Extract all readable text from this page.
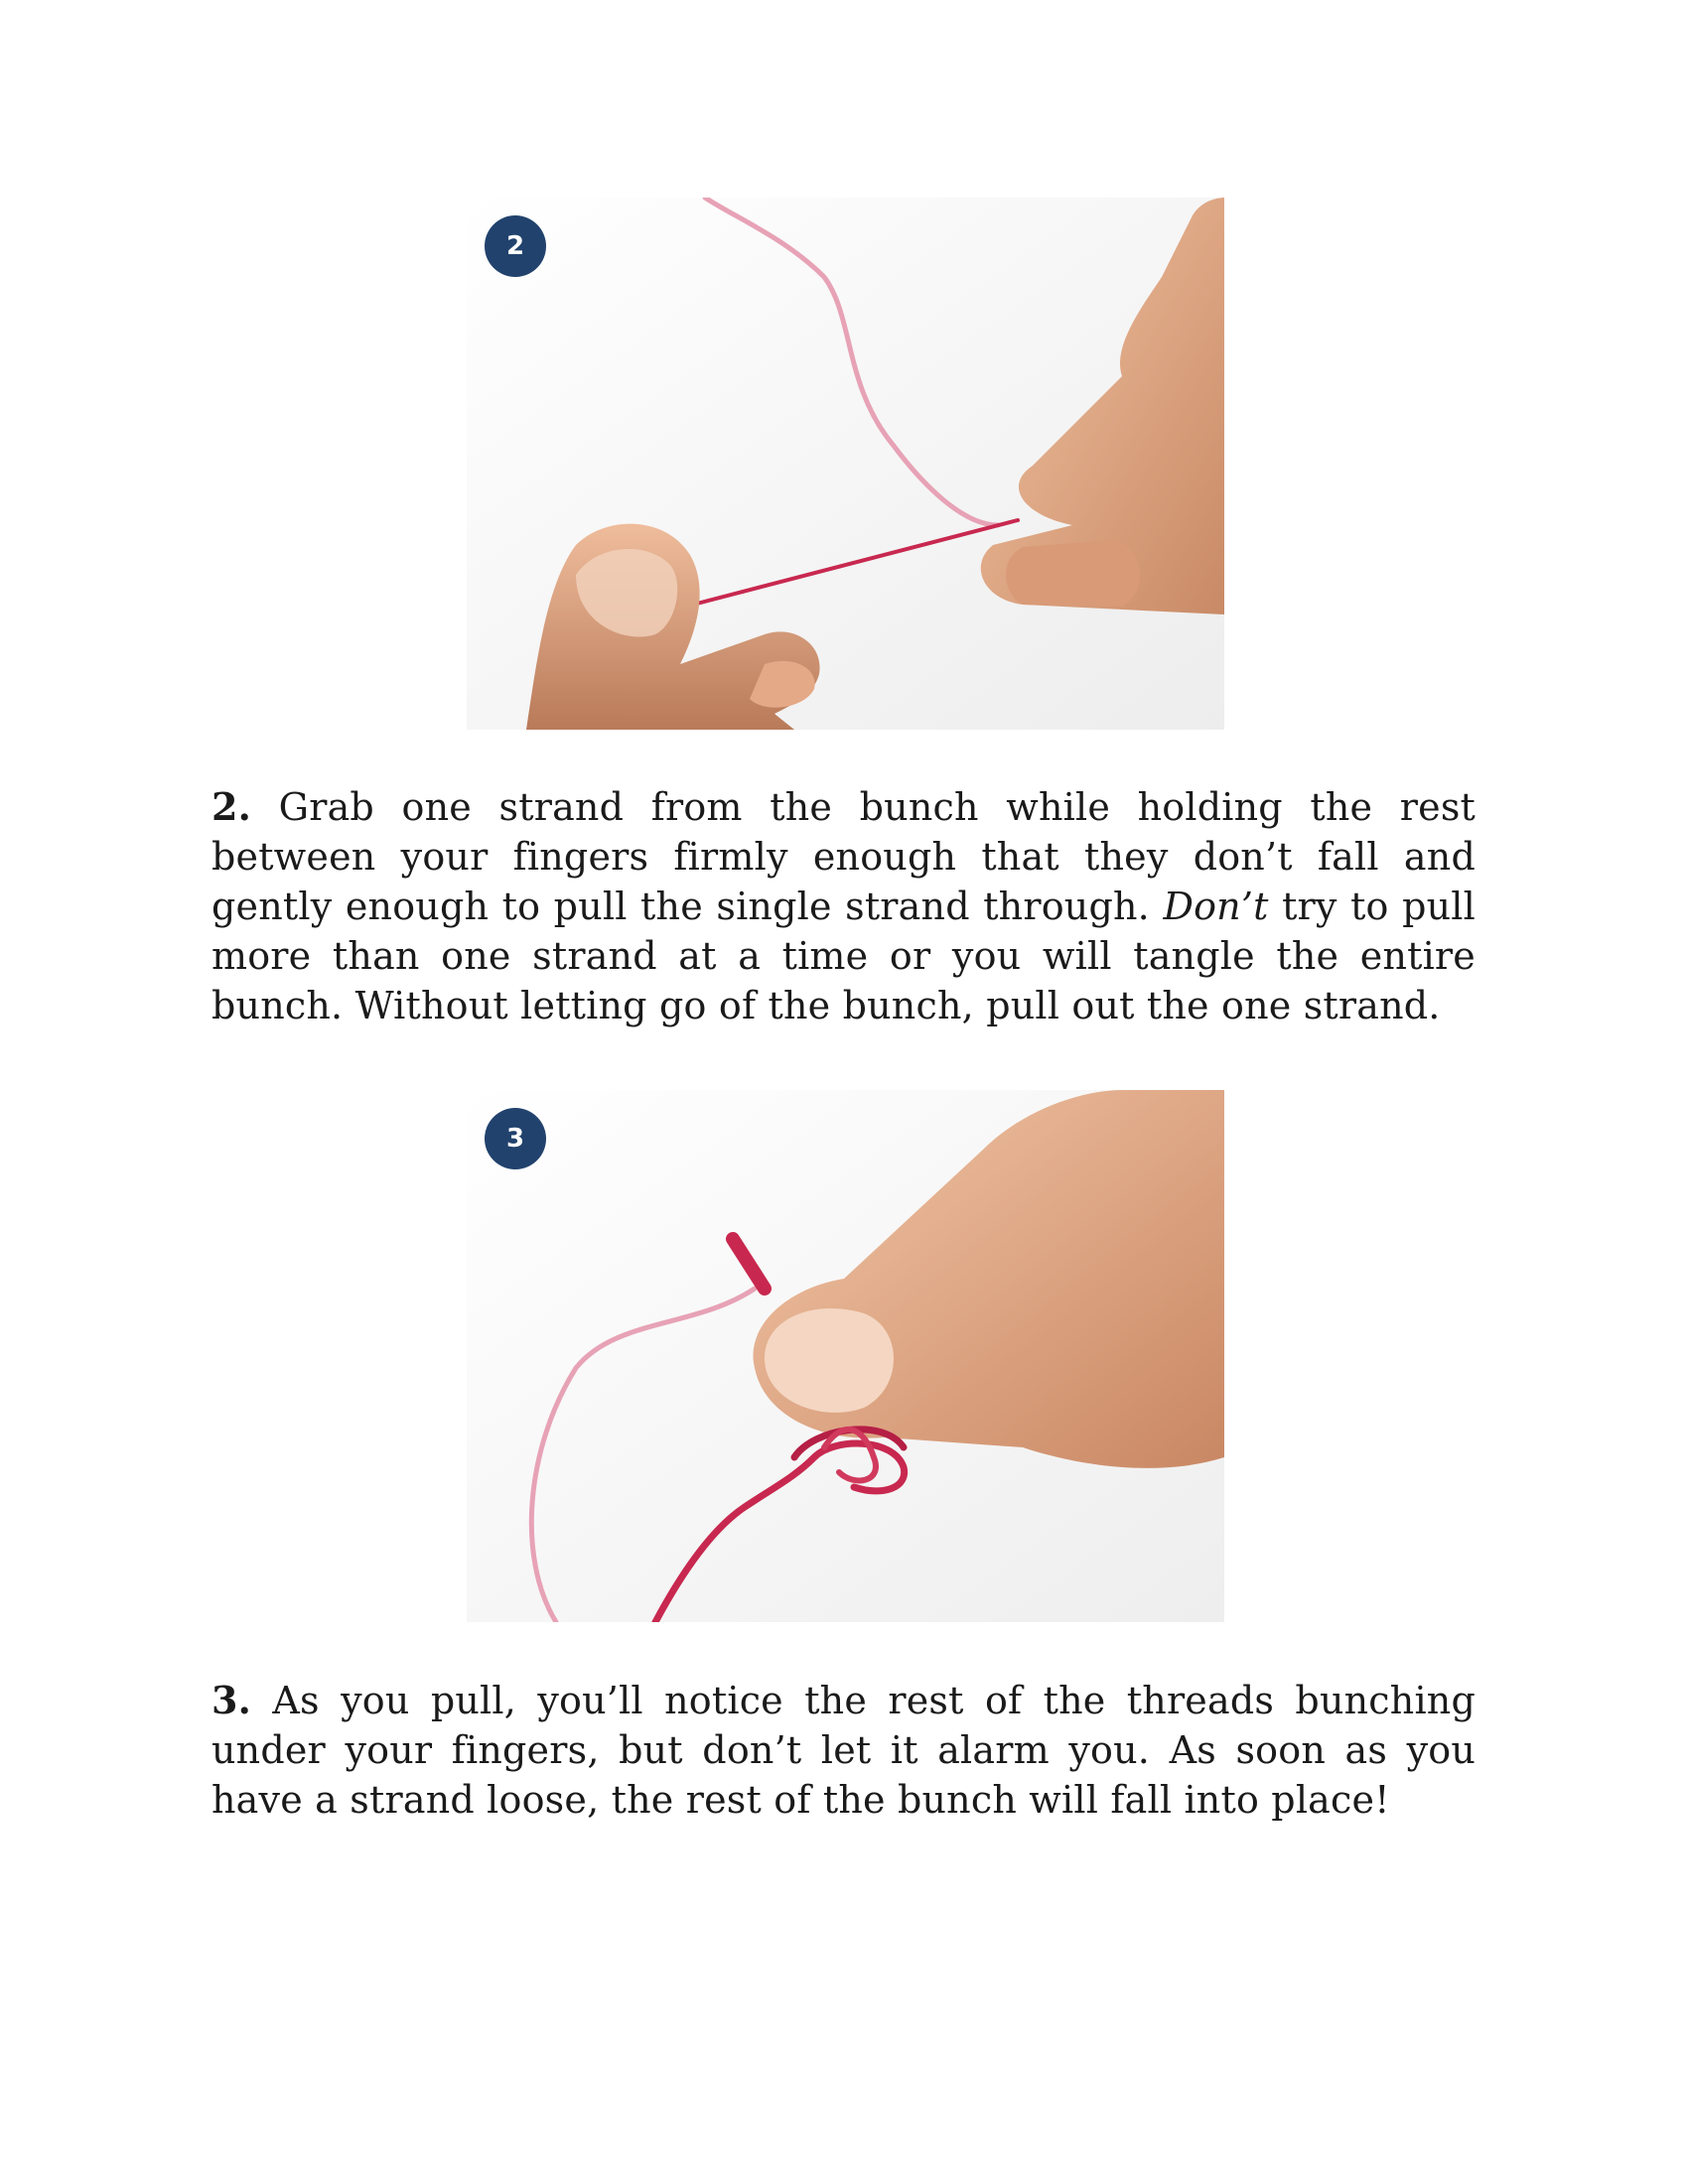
2

2. Grab one strand from the bunch while holding the rest between your fingers firmly enough that they don’t fall and gently enough to pull the single strand through. Don’t try to pull more than one strand at a time or you will tangle the entire bunch. Without letting go of the bunch, pull out the one strand.

3

3. As you pull, you’ll notice the rest of the threads bunching under your fingers, but don’t let it alarm you. As soon as you have a strand loose, the rest of the bunch will fall into place!
